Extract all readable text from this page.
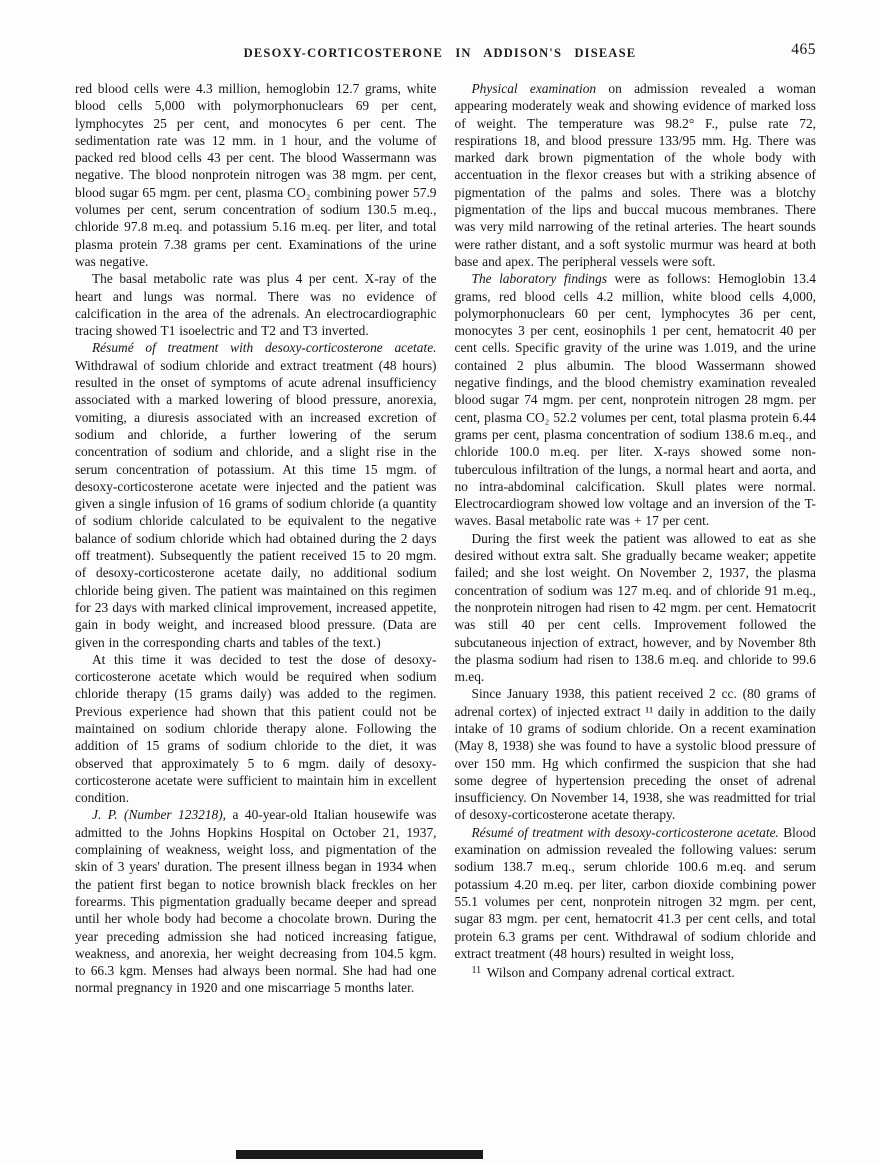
DESOXY-CORTICOSTERONE IN ADDISON'S DISEASE	465

red blood cells were 4.3 million, hemoglobin 12.7 grams, white blood cells 5,000 with polymorphonuclears 69 per cent, lymphocytes 25 per cent, and monocytes 6 per cent. The sedimentation rate was 12 mm. in 1 hour, and the volume of packed red blood cells 43 per cent. The blood Wassermann was negative. The blood nonprotein nitrogen was 38 mgm. per cent, blood sugar 65 mgm. per cent, plasma CO₂ combining power 57.9 volumes per cent, serum concentration of sodium 130.5 m.eq., chloride 97.8 m.eq. and potassium 5.16 m.eq. per liter, and total plasma protein 7.38 grams per cent. Examinations of the urine was negative.

The basal metabolic rate was plus 4 per cent. X-ray of the heart and lungs was normal. There was no evidence of calcification in the area of the adrenals. An electrocardiographic tracing showed T1 isoelectric and T2 and T3 inverted.

Résumé of treatment with desoxy-corticosterone acetate. Withdrawal of sodium chloride and extract treatment (48 hours) resulted in the onset of symptoms of acute adrenal insufficiency associated with a marked lowering of blood pressure, anorexia, vomiting, a diuresis associated with an increased excretion of sodium and chloride, a further lowering of the serum concentration of sodium and chloride, and a slight rise in the serum concentration of potassium. At this time 15 mgm. of desoxy-corticosterone acetate were injected and the patient was given a single infusion of 16 grams of sodium chloride (a quantity of sodium chloride calculated to be equivalent to the negative balance of sodium chloride which had obtained during the 2 days off treatment). Subsequently the patient received 15 to 20 mgm. of desoxy-corticosterone acetate daily, no additional sodium chloride being given. The patient was maintained on this regimen for 23 days with marked clinical improvement, increased appetite, gain in body weight, and increased blood pressure. (Data are given in the corresponding charts and tables of the text.)

At this time it was decided to test the dose of desoxy-corticosterone acetate which would be required when sodium chloride therapy (15 grams daily) was added to the regimen. Previous experience had shown that this patient could not be maintained on sodium chloride therapy alone. Following the addition of 15 grams of sodium chloride to the diet, it was observed that approximately 5 to 6 mgm. daily of desoxy-corticosterone acetate were sufficient to maintain him in excellent condition.

J. P. (Number 123218), a 40-year-old Italian housewife was admitted to the Johns Hopkins Hospital on October 21, 1937, complaining of weakness, weight loss, and pigmentation of the skin of 3 years' duration. The present illness began in 1934 when the patient first began to notice brownish black freckles on her forearms. This pigmentation gradually became deeper and spread until her whole body had become a chocolate brown. During the year preceding admission she had noticed increasing fatigue, weakness, and anorexia, her weight decreasing from 104.5 kgm. to 66.3 kgm. Menses had always been normal. She had had one normal pregnancy in 1920 and one miscarriage 5 months later.

Physical examination on admission revealed a woman appearing moderately weak and showing evidence of marked loss of weight. The temperature was 98.2° F., pulse rate 72, respirations 18, and blood pressure 133/95 mm. Hg. There was marked dark brown pigmentation of the whole body with accentuation in the flexor creases but with a striking absence of pigmentation of the palms and soles. There was a blotchy pigmentation of the lips and buccal mucous membranes. There was very mild narrowing of the retinal arteries. The heart sounds were rather distant, and a soft systolic murmur was heard at both base and apex. The peripheral vessels were soft.

The laboratory findings were as follows: Hemoglobin 13.4 grams, red blood cells 4.2 million, white blood cells 4,000, polymorphonuclears 60 per cent, lymphocytes 36 per cent, monocytes 3 per cent, eosinophils 1 per cent, hematocrit 40 per cent cells. Specific gravity of the urine was 1.019, and the urine contained 2 plus albumin. The blood Wassermann showed negative findings, and the blood chemistry examination revealed blood sugar 74 mgm. per cent, nonprotein nitrogen 28 mgm. per cent, plasma CO₂ 52.2 volumes per cent, total plasma protein 6.44 grams per cent, plasma concentration of sodium 138.6 m.eq., and chloride 100.0 m.eq. per liter. X-rays showed some non-tuberculous infiltration of the lungs, a normal heart and aorta, and no intra-abdominal calcification. Skull plates were normal. Electrocardiogram showed low voltage and an inversion of the T-waves. Basal metabolic rate was + 17 per cent.

During the first week the patient was allowed to eat as she desired without extra salt. She gradually became weaker; appetite failed; and she lost weight. On November 2, 1937, the plasma concentration of sodium was 127 m.eq. and of chloride 91 m.eq., the nonprotein nitrogen had risen to 42 mgm. per cent. Hematocrit was still 40 per cent cells. Improvement followed the subcutaneous injection of extract, however, and by November 8th the plasma sodium had risen to 138.6 m.eq. and chloride to 99.6 m.eq.

Since January 1938, this patient received 2 cc. (80 grams of adrenal cortex) of injected extract ¹¹ daily in addition to the daily intake of 10 grams of sodium chloride. On a recent examination (May 8, 1938) she was found to have a systolic blood pressure of over 150 mm. Hg which confirmed the suspicion that she had some degree of hypertension preceding the onset of adrenal insufficiency. On November 14, 1938, she was readmitted for trial of desoxy-corticosterone acetate therapy.

Résumé of treatment with desoxy-corticosterone acetate. Blood examination on admission revealed the following values: serum sodium 138.7 m.eq., serum chloride 100.6 m.eq. and serum potassium 4.20 m.eq. per liter, carbon dioxide combining power 55.1 volumes per cent, nonprotein nitrogen 32 mgm. per cent, sugar 83 mgm. per cent, hematocrit 41.3 per cent cells, and total protein 6.3 grams per cent. Withdrawal of sodium chloride and extract treatment (48 hours) resulted in weight loss,

$^{11}$ Wilson and Company adrenal cortical extract.
